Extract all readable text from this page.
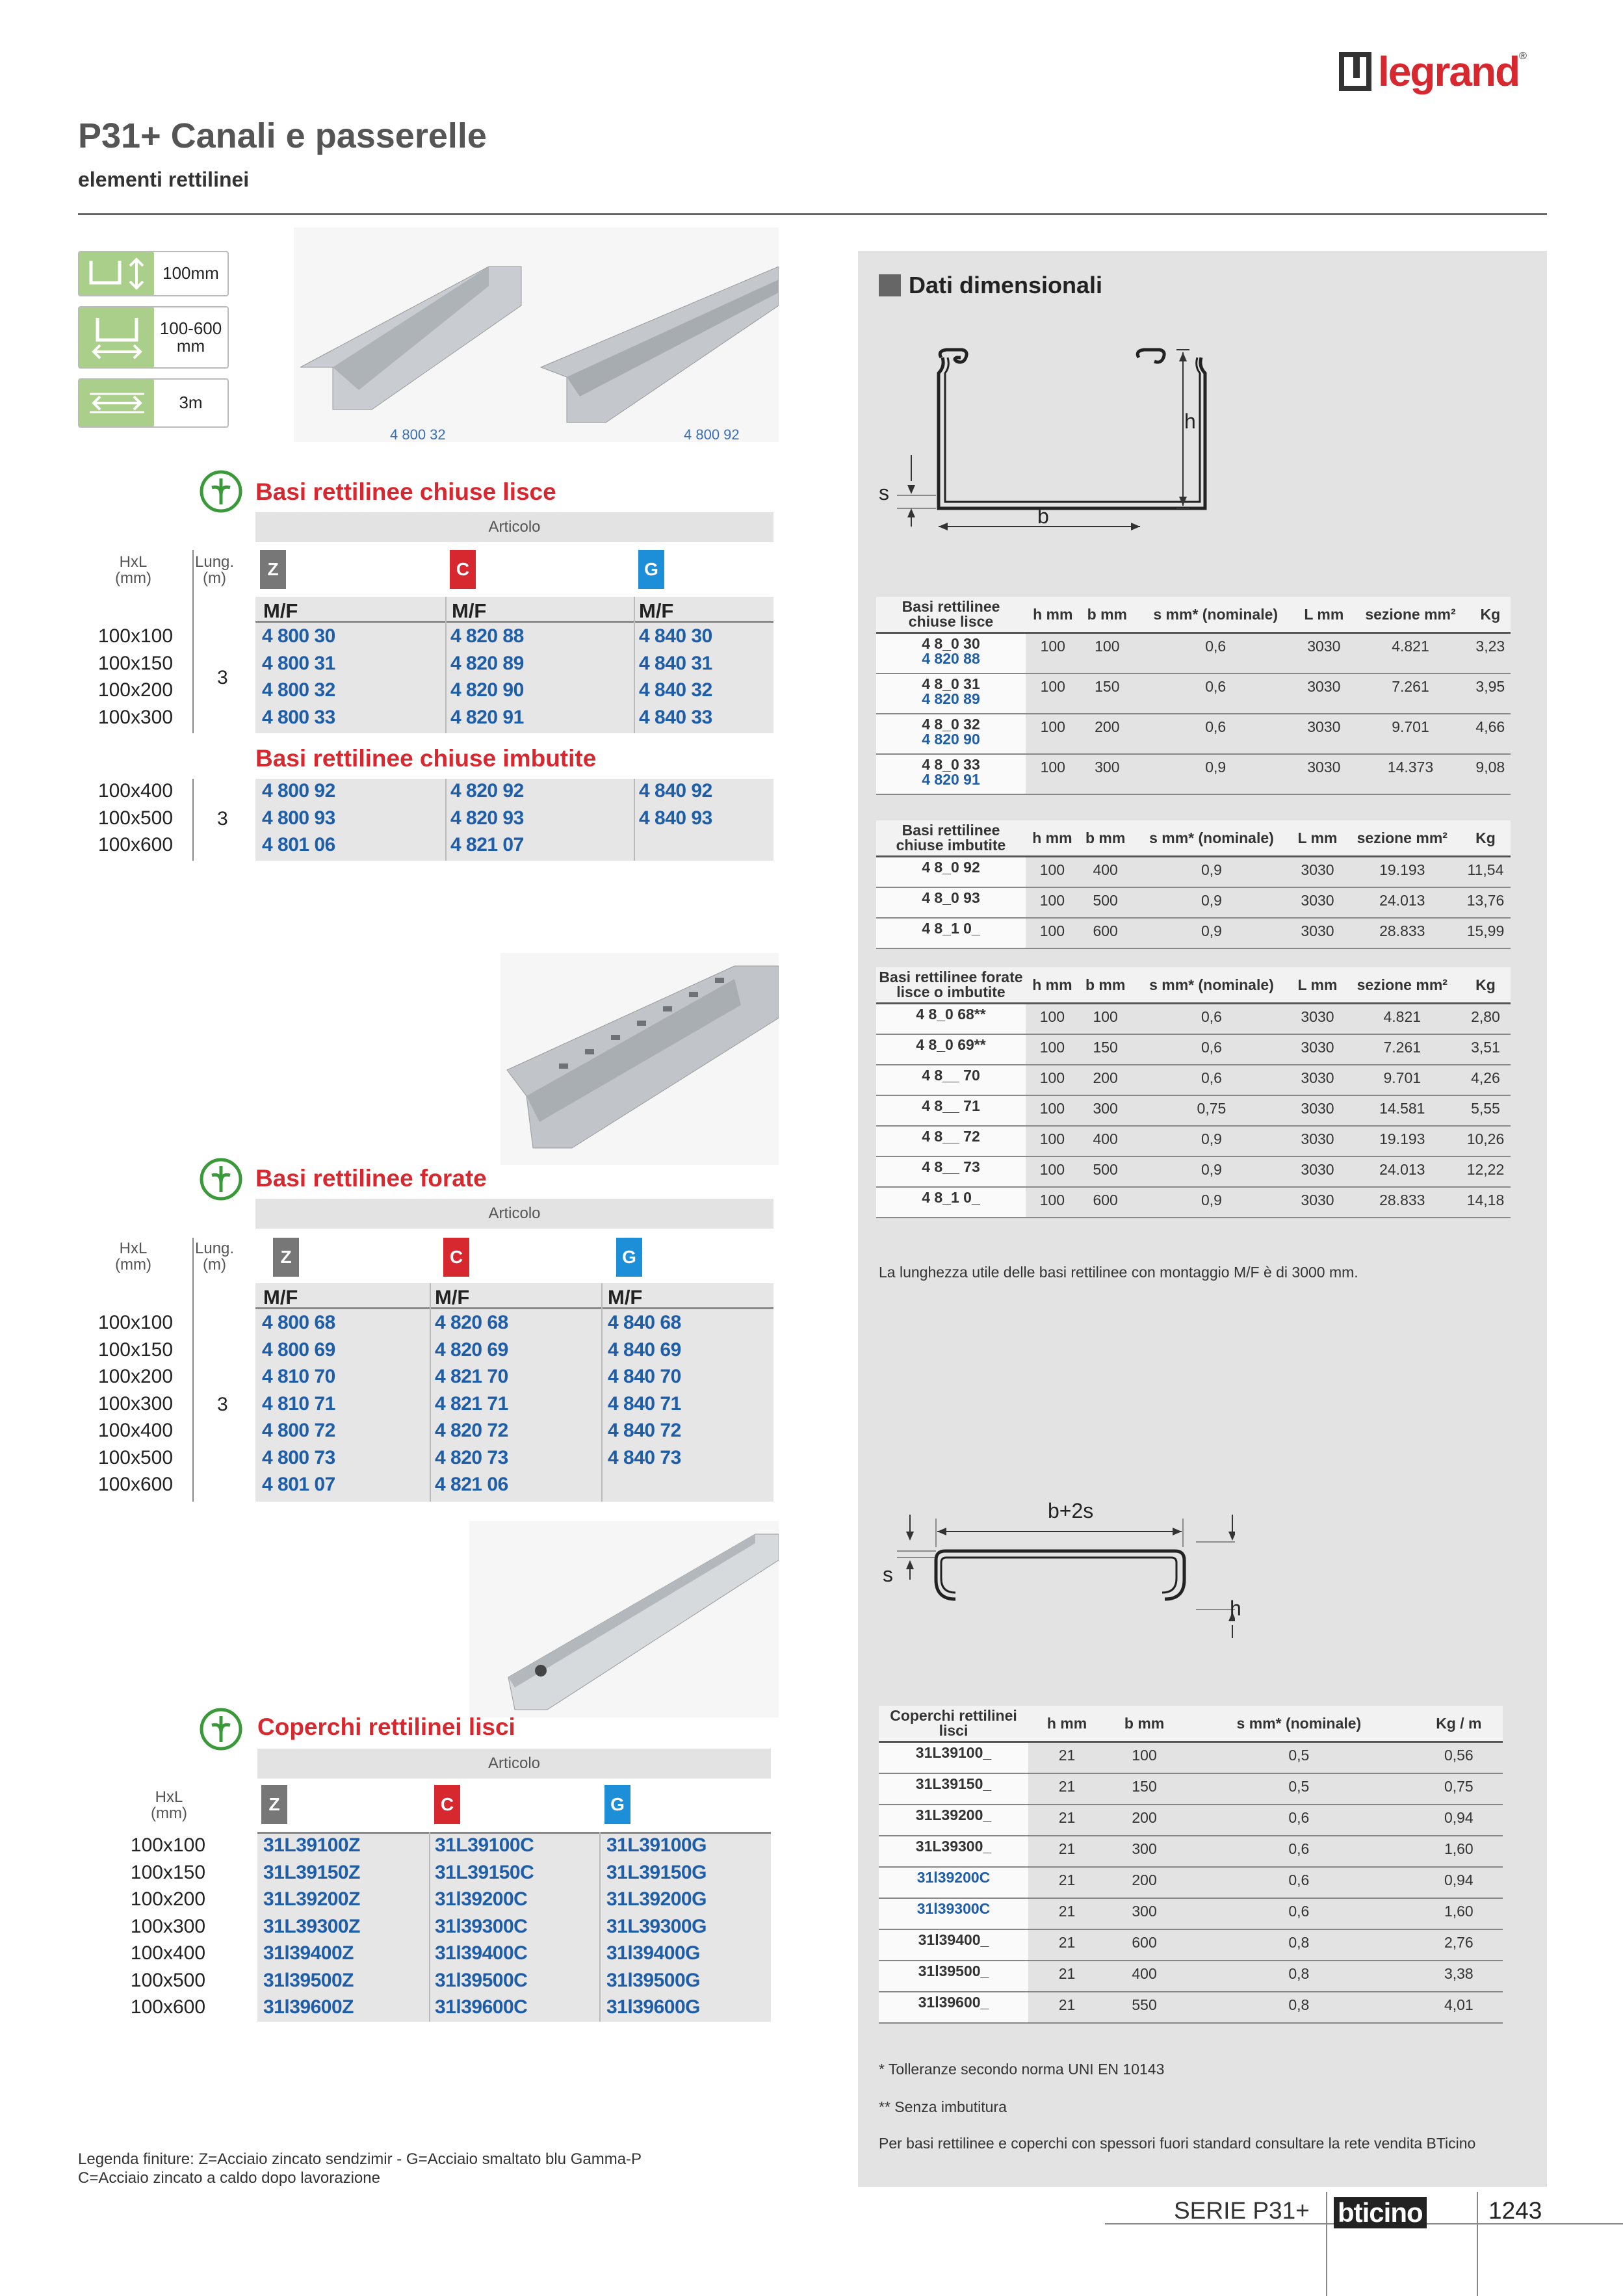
legrand ®
P31+ Canali e passerelle
elementi rettilinei
100mm
100-600
mm
3m
4 800 32	4 800 92
Basi rettilinee chiuse lisce
Articolo
HxL
(mm)
Lung.
(m)	Z	C	G
M/F	M/F	M/F
3
100x100	4 800 30	4 820 88	4 840 30
100x150	4 800 31	4 820 89	4 840 31
100x200	4 800 32	4 820 90	4 840 32
100x300	4 800 33	4 820 91	4 840 33
Basi rettilinee chiuse imbutite
3
100x400	4 800 92	4 820 92	4 840 92
100x500	4 800 93	4 820 93	4 840 93
100x600	4 801 06	4 821 07
Basi rettilinee forate
Articolo
HxL
(mm)
Lung.
(m)	Z	C	G
M/F	M/F	M/F
3
100x100	4 800 68	4 820 68	4 840 68
100x150	4 800 69	4 820 69	4 840 69
100x200	4 810 70	4 821 70	4 840 70
100x300	4 810 71	4 821 71	4 840 71
100x400	4 800 72	4 820 72	4 840 72
100x500	4 800 73	4 820 73	4 840 73
100x600	4 801 07	4 821 06
Coperchi rettilinei lisci
Articolo
HxL
(mm)	Z	C	G
100x100	31L39100Z	31L39100C	31L39100G
100x150	31L39150Z	31L39150C	31L39150G
100x200	31L39200Z	31l39200C	31L39200G
100x300	31L39300Z	31l39300C	31L39300G
100x400	31l39400Z	31l39400C	31l39400G
100x500	31l39500Z	31l39500C	31l39500G
100x600	31l39600Z	31l39600C	31l39600G
Legenda finiture: Z=Acciaio zincato sendzimir - G=Acciaio smaltato blu Gamma-P
C=Acciaio zincato a caldo dopo lavorazione
Dati dimensionali
s
b
h
Basi rettilinee chiuse lisce	h mm	b mm	s mm* (nominale)	L mm	sezione mm²	Kg

4 8_0 30
4 820 88	100	100	0,6	3030	4.821	3,23

4 8_0 31
4 820 89	100	150	0,6	3030	7.261	3,95

4 8_0 32
4 820 90	100	200	0,6	3030	9.701	4,66

4 8_0 33
4 820 91	100	300	0,9	3030	14.373	9,08
Basi rettilinee chiuse imbutite	h mm	b mm	s mm* (nominale)	L mm	sezione mm²	Kg

4 8_0 92	100	400	0,9	3030	19.193	11,54

4 8_0 93	100	500	0,9	3030	24.013	13,76

4 8_1 0_	100	600	0,9	3030	28.833	15,99
Basi rettilinee forate lisce o imbutite	h mm	b mm	s mm* (nominale)	L mm	sezione mm²	Kg

4 8_0 68**	100	100	0,6	3030	4.821	2,80

4 8_0 69**	100	150	0,6	3030	7.261	3,51

4 8__ 70	100	200	0,6	3030	9.701	4,26

4 8__ 71	100	300	0,75	3030	14.581	5,55

4 8__ 72	100	400	0,9	3030	19.193	10,26

4 8__ 73	100	500	0,9	3030	24.013	12,22

4 8_1 0_	100	600	0,9	3030	28.833	14,18
La lunghezza utile delle basi rettilinee con montaggio M/F è di 3000 mm.
b+2s
s
h
Coperchi rettilinei lisci	h mm	b mm	s mm* (nominale)	Kg / m

31L39100_	21	100	0,5	0,56

31L39150_	21	150	0,5	0,75

31L39200_	21	200	0,6	0,94

31L39300_	21	300	0,6	1,60

31l39200C	21	200	0,6	0,94

31l39300C	21	300	0,6	1,60

31l39400_	21	600	0,8	2,76

31l39500_	21	400	0,8	3,38

31l39600_	21	550	0,8	4,01
* Tolleranze secondo norma UNI EN 10143
** Senza imbutitura
Per basi rettilinee e coperchi con spessori fuori standard consultare la rete vendita BTicino
SERIE P31+ bticino	1243
